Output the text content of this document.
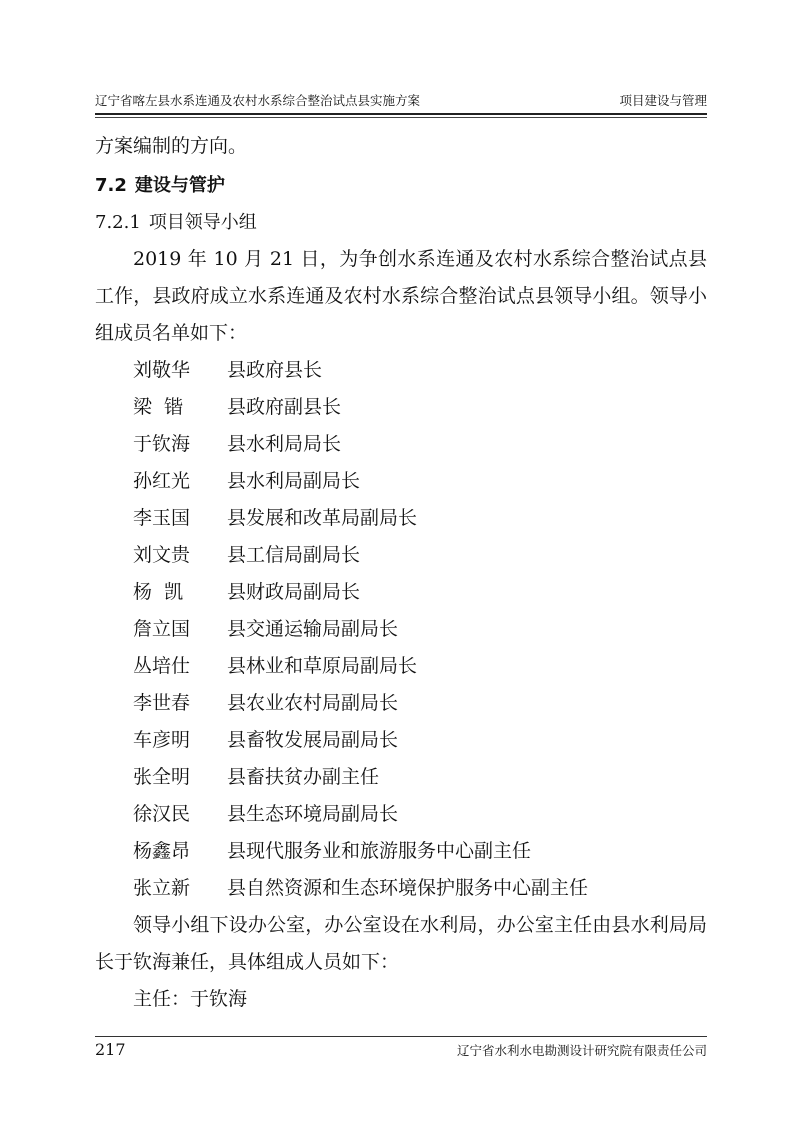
辽宁省喀左县水系连通及农村水系综合整治试点县实施方案	项目建设与管理
方案编制的方向。
7.2 建设与管护
7.2.1 项目领导小组
2019 年 10 月 21 日，为争创水系连通及农村水系综合整治试点县工作，县政府成立水系连通及农村水系综合整治试点县领导小组。领导小组成员名单如下：
刘敬华	县政府县长
梁  锴	县政府副县长
于钦海	县水利局局长
孙红光	县水利局副局长
李玉国	县发展和改革局副局长
刘文贵	县工信局副局长
杨  凯	县财政局副局长
詹立国	县交通运输局副局长
丛培仕	县林业和草原局副局长
李世春	县农业农村局副局长
车彦明	县畜牧发展局副局长
张全明	县畜扶贫办副主任
徐汉民	县生态环境局副局长
杨鑫昂	县现代服务业和旅游服务中心副主任
张立新	县自然资源和生态环境保护服务中心副主任
领导小组下设办公室，办公室设在水利局，办公室主任由县水利局局长于钦海兼任，具体组成人员如下：
主任：于钦海
217	辽宁省水利水电勘测设计研究院有限责任公司
